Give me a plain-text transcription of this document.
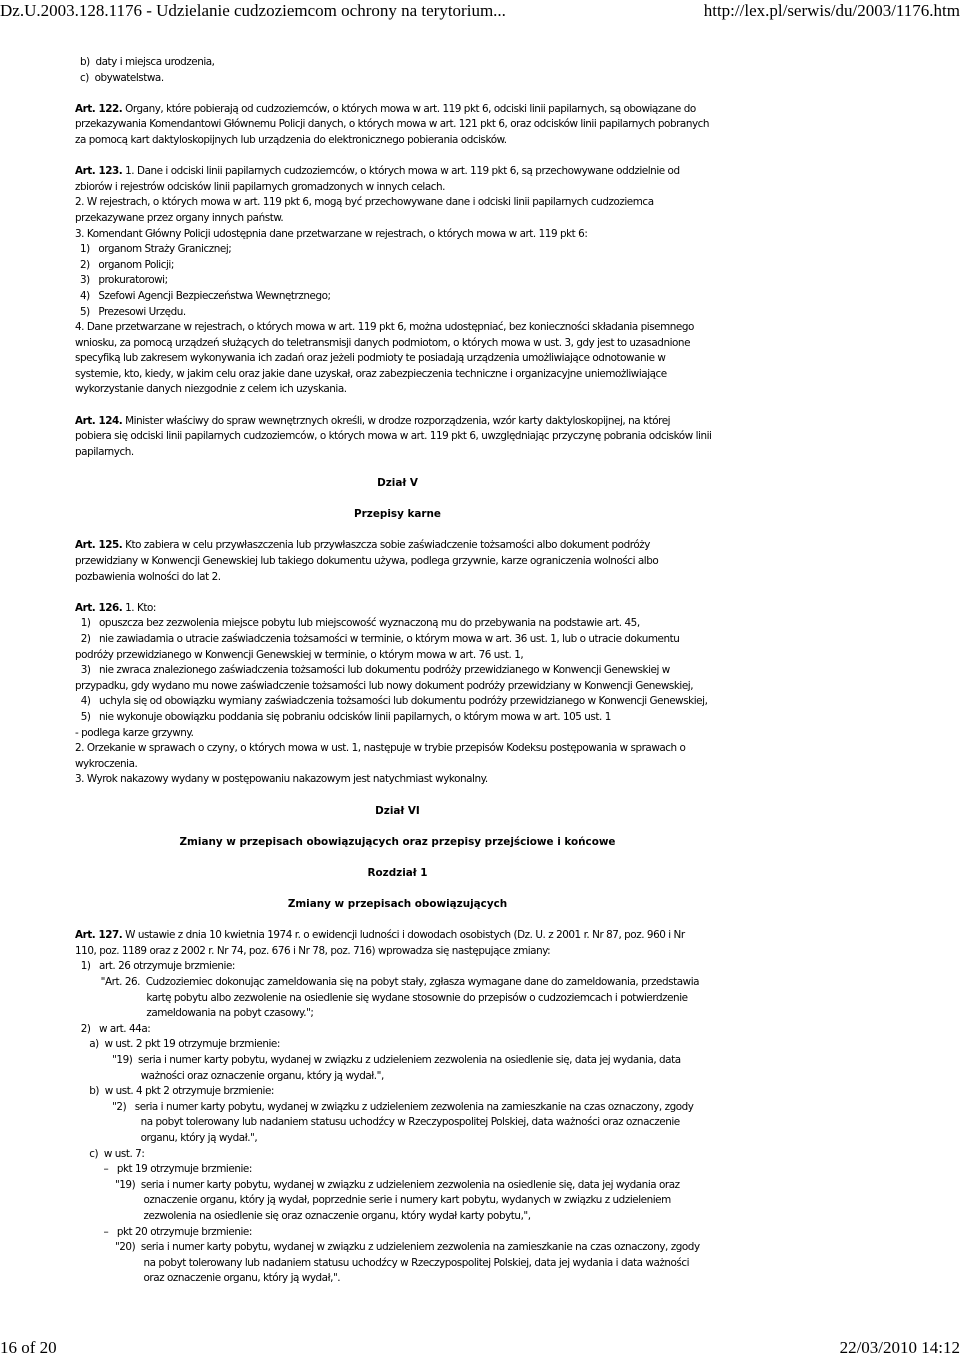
Dz.U.2003.128.1176 - Udzielanie cudzoziemcom ochrony na terytorium...	http://lex.pl/serwis/du/2003/1176.htm
b)  daty i miejsca urodzenia,
c)  obywatelstwa.
Art. 122. Organy, które pobierają od cudzoziemców, o których mowa w art. 119 pkt 6, odciski linii papilarnych, są obowiązane do
przekazywania Komendantowi Głównemu Policji danych, o których mowa w art. 121 pkt 6, oraz odcisków linii papilarnych pobranych
za pomocą kart daktyloskopijnych lub urządzenia do elektronicznego pobierania odcisków.
Art. 123. 1. Dane i odciski linii papilarnych cudzoziemców, o których mowa w art. 119 pkt 6, są przechowywane oddzielnie od
zbiorów i rejestrów odcisków linii papilarnych gromadzonych w innych celach.
2. W rejestrach, o których mowa w art. 119 pkt 6, mogą być przechowywane dane i odciski linii papilarnych cudzoziemca
przekazywane przez organy innych państw.
3. Komendant Główny Policji udostępnia dane przetwarzane w rejestrach, o których mowa w art. 119 pkt 6:
1)   organom Straży Granicznej;
2)   organom Policji;
3)   prokuratorowi;
4)   Szefowi Agencji Bezpieczeństwa Wewnętrznego;
5)   Prezesowi Urzędu.
4. Dane przetwarzane w rejestrach, o których mowa w art. 119 pkt 6, można udostępniać, bez konieczności składania pisemnego
wniosku, za pomocą urządzeń służących do teletransmisji danych podmiotom, o których mowa w ust. 3, gdy jest to uzasadnione
specyfiką lub zakresem wykonywania ich zadań oraz jeżeli podmioty te posiadają urządzenia umożliwiające odnotowanie w
systemie, kto, kiedy, w jakim celu oraz jakie dane uzyskał, oraz zabezpieczenia techniczne i organizacyjne uniemożliwiające
wykorzystanie danych niezgodnie z celem ich uzyskania.
Art. 124. Minister właściwy do spraw wewnętrznych określi, w drodze rozporządzenia, wzór karty daktyloskopijnej, na której
pobiera się odciski linii papilarnych cudzoziemców, o których mowa w art. 119 pkt 6, uwzględniając przyczynę pobrania odcisków linii
papilarnych.
Dział V
Przepisy karne
Art. 125. Kto zabiera w celu przywłaszczenia lub przywłaszcza sobie zaświadczenie tożsamości albo dokument podróży
przewidziany w Konwencji Genewskiej lub takiego dokumentu używa, podlega grzywnie, karze ograniczenia wolności albo
pozbawienia wolności do lat 2.
Art. 126. 1. Kto:
1)   opuszcza bez zezwolenia miejsce pobytu lub miejscowość wyznaczoną mu do przebywania na podstawie art. 45,
2)   nie zawiadamia o utracie zaświadczenia tożsamości w terminie, o którym mowa w art. 36 ust. 1, lub o utracie dokumentu
podróży przewidzianego w Konwencji Genewskiej w terminie, o którym mowa w art. 76 ust. 1,
3)   nie zwraca znalezionego zaświadczenia tożsamości lub dokumentu podróży przewidzianego w Konwencji Genewskiej w
przypadku, gdy wydano mu nowe zaświadczenie tożsamości lub nowy dokument podróży przewidziany w Konwencji Genewskiej,
4)   uchyla się od obowiązku wymiany zaświadczenia tożsamości lub dokumentu podróży przewidzianego w Konwencji Genewskiej,
5)   nie wykonuje obowiązku poddania się pobraniu odcisków linii papilarnych, o którym mowa w art. 105 ust. 1
- podlega karze grzywny.
2. Orzekanie w sprawach o czyny, o których mowa w ust. 1, następuje w trybie przepisów Kodeksu postępowania w sprawach o
wykroczenia.
3. Wyrok nakazowy wydany w postępowaniu nakazowym jest natychmiast wykonalny.
Dział VI
Zmiany w przepisach obowiązujących oraz przepisy przejściowe i końcowe
Rozdział 1
Zmiany w przepisach obowiązujących
Art. 127. W ustawie z dnia 10 kwietnia 1974 r. o ewidencji ludności i dowodach osobistych (Dz. U. z 2001 r. Nr 87, poz. 960 i Nr
110, poz. 1189 oraz z 2002 r. Nr 74, poz. 676 i Nr 78, poz. 716) wprowadza się następujące zmiany:
1)   art. 26 otrzymuje brzmienie:
"Art. 26.  Cudzoziemiec dokonując zameldowania się na pobyt stały, zgłasza wymagane dane do zameldowania, przedstawia
kartę pobytu albo zezwolenie na osiedlenie się wydane stosownie do przepisów o cudzoziemcach i potwierdzenie
zameldowania na pobyt czasowy.";
2)   w art. 44a:
a)  w ust. 2 pkt 19 otrzymuje brzmienie:
"19)  seria i numer karty pobytu, wydanej w związku z udzieleniem zezwolenia na osiedlenie się, data jej wydania, data
ważności oraz oznaczenie organu, który ją wydał.",
b)  w ust. 4 pkt 2 otrzymuje brzmienie:
"2)   seria i numer karty pobytu, wydanej w związku z udzieleniem zezwolenia na zamieszkanie na czas oznaczony, zgody
na pobyt tolerowany lub nadaniem statusu uchodźcy w Rzeczypospolitej Polskiej, data ważności oraz oznaczenie
organu, który ją wydał.",
c)  w ust. 7:
–   pkt 19 otrzymuje brzmienie:
"19)  seria i numer karty pobytu, wydanej w związku z udzieleniem zezwolenia na osiedlenie się, data jej wydania oraz
oznaczenie organu, który ją wydał, poprzednie serie i numery kart pobytu, wydanych w związku z udzieleniem
zezwolenia na osiedlenie się oraz oznaczenie organu, który wydał karty pobytu,",
–   pkt 20 otrzymuje brzmienie:
"20)  seria i numer karty pobytu, wydanej w związku z udzieleniem zezwolenia na zamieszkanie na czas oznaczony, zgody
na pobyt tolerowany lub nadaniem statusu uchodźcy w Rzeczypospolitej Polskiej, data jej wydania i data ważności
oraz oznaczenie organu, który ją wydał,".
16 of 20	22/03/2010 14:12
